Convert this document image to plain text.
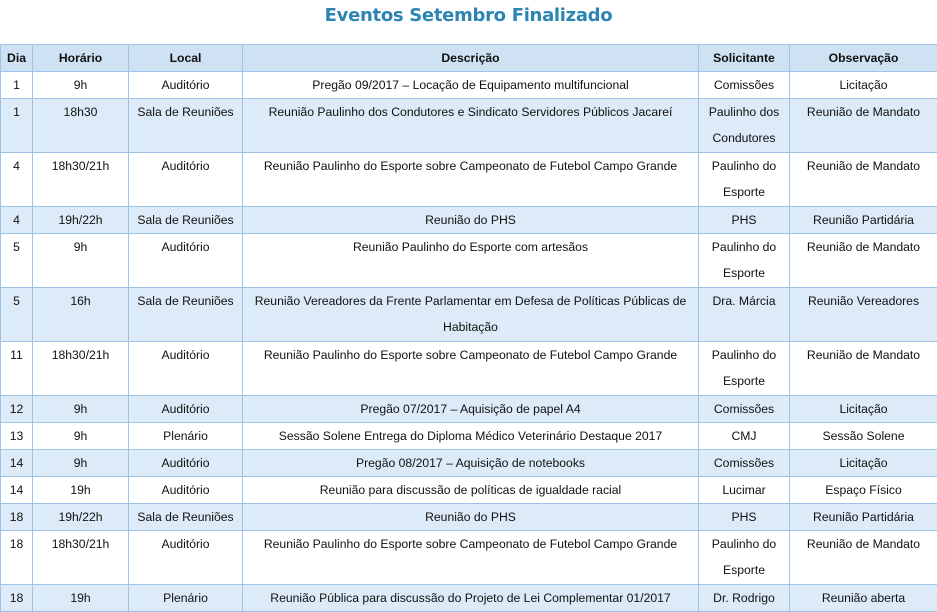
Eventos Setembro Finalizado
Dia	Horário	Local	Descrição	Solicitante	Observação
1	9h	Auditório	Pregão 09/2017 – Locação de Equipamento multifuncional	Comissões	Licitação
1	18h30	Sala de Reuniões	Reunião Paulinho dos Condutores e Sindicato Servidores Públicos Jacareí	Paulinho dos Condutores	Reunião de Mandato
4	18h30/21h	Auditório	Reunião Paulinho do Esporte sobre Campeonato de Futebol Campo Grande	Paulinho do Esporte	Reunião de Mandato
4	19h/22h	Sala de Reuniões	Reunião do PHS	PHS	Reunião Partidária
5	9h	Auditório	Reunião Paulinho do Esporte com artesãos	Paulinho do Esporte	Reunião de Mandato
5	16h	Sala de Reuniões	Reunião Vereadores da Frente Parlamentar em Defesa de Políticas Públicas de Habitação	Dra. Márcia	Reunião Vereadores
11	18h30/21h	Auditório	Reunião Paulinho do Esporte sobre Campeonato de Futebol Campo Grande	Paulinho do Esporte	Reunião de Mandato
12	9h	Auditório	Pregão 07/2017 – Aquisição de papel A4	Comissões	Licitação
13	9h	Plenário	Sessão Solene Entrega do Diploma Médico Veterinário Destaque 2017	CMJ	Sessão Solene
14	9h	Auditório	Pregão 08/2017 – Aquisição de notebooks	Comissões	Licitação
14	19h	Auditório	Reunião para discussão de políticas de igualdade racial	Lucimar	Espaço Físico
18	19h/22h	Sala de Reuniões	Reunião do PHS	PHS	Reunião Partidária
18	18h30/21h	Auditório	Reunião Paulinho do Esporte sobre Campeonato de Futebol Campo Grande	Paulinho do Esporte	Reunião de Mandato
18	19h	Plenário	Reunião Pública para discussão do Projeto de Lei Complementar 01/2017	Dr. Rodrigo	Reunião aberta
